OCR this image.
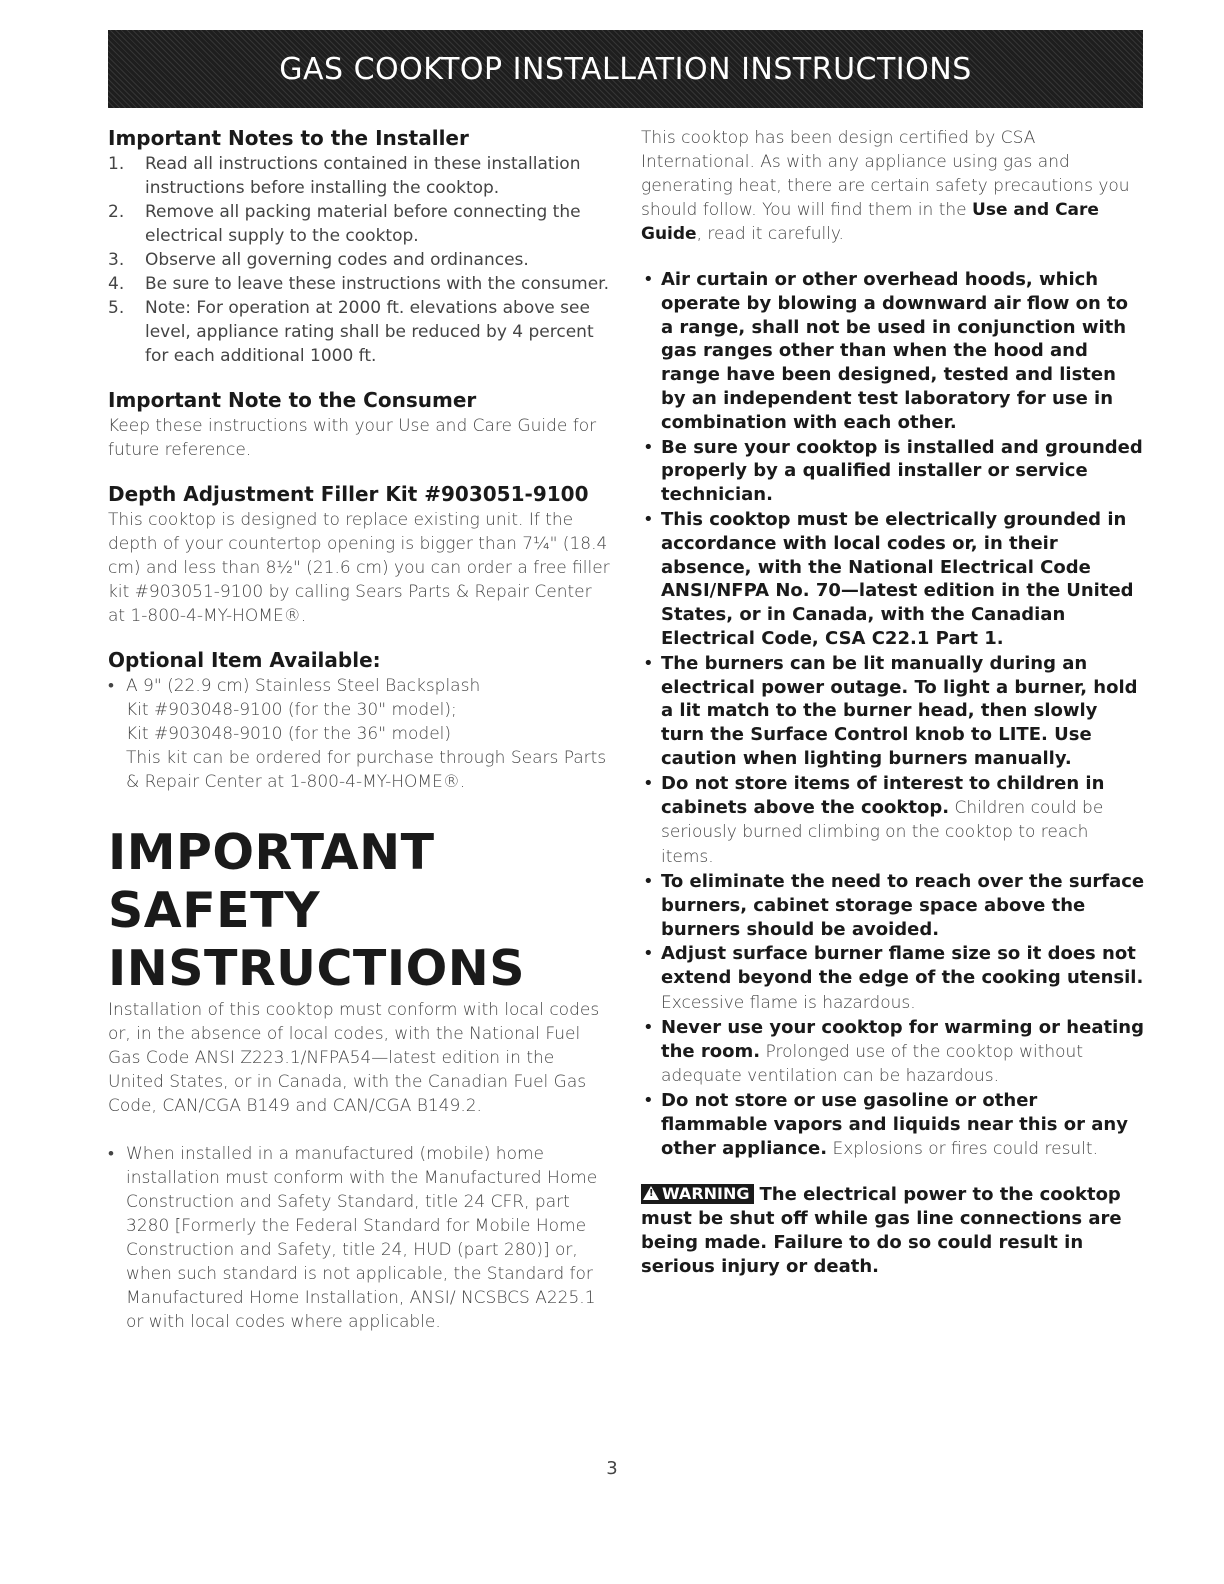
GAS COOKTOP INSTALLATION INSTRUCTIONS
Important Notes to the Installer
1. Read all instructions contained in these installation instructions before installing the cooktop.
2. Remove all packing material before connecting the electrical supply to the cooktop.
3. Observe all governing codes and ordinances.
4. Be sure to leave these instructions with the consumer.
5. Note: For operation at 2000 ft. elevations above see level, appliance rating shall be reduced by 4 percent for each additional 1000 ft.
Important Note to the Consumer
Keep these instructions with your Use and Care Guide for future reference.
Depth Adjustment Filler Kit #903051-9100
This cooktop is designed to replace existing unit. If the depth of your countertop opening is bigger than 7¼" (18.4 cm) and less than 8½" (21.6 cm) you can order a free filler kit #903051-9100 by calling Sears Parts & Repair Center at 1-800-4-MY-HOME®.
Optional Item Available:
• A 9" (22.9 cm) Stainless Steel Backsplash
Kit #903048-9100 (for the 30" model);
Kit #903048-9010 (for the 36" model)
This kit can be ordered for purchase through Sears Parts & Repair Center at 1-800-4-MY-HOME®.
IMPORTANT SAFETY
INSTRUCTIONS
Installation of this cooktop must conform with local codes or, in the absence of local codes, with the National Fuel Gas Code ANSI Z223.1/NFPA54—latest edition in the United States, or in Canada, with the Canadian Fuel Gas Code, CAN/CGA B149 and CAN/CGA B149.2.
• When installed in a manufactured (mobile) home installation must conform with the Manufactured Home Construction and Safety Standard, title 24 CFR, part 3280 [Formerly the Federal Standard for Mobile Home Construction and Safety, title 24, HUD (part 280)] or, when such standard is not applicable, the Standard for Manufactured Home Installation, ANSI/ NCSBCS A225.1 or with local codes where applicable.
This cooktop has been design certified by CSA International. As with any appliance using gas and generating heat, there are certain safety precautions you should follow. You will find them in the Use and Care Guide, read it carefully.
• Air curtain or other overhead hoods, which operate by blowing a downward air flow on to a range, shall not be used in conjunction with gas ranges other than when the hood and range have been designed, tested and listen by an independent test laboratory for use in combination with each other.
• Be sure your cooktop is installed and grounded properly by a qualified installer or service technician.
• This cooktop must be electrically grounded in accordance with local codes or, in their absence, with the National Electrical Code ANSI/NFPA No. 70—latest edition in the United States, or in Canada, with the Canadian Electrical Code, CSA C22.1 Part 1.
• The burners can be lit manually during an electrical power outage. To light a burner, hold a lit match to the burner head, then slowly turn the Surface Control knob to LITE. Use caution when lighting burners manually.
• Do not store items of interest to children in cabinets above the cooktop. Children could be seriously burned climbing on the cooktop to reach items.
• To eliminate the need to reach over the surface burners, cabinet storage space above the burners should be avoided.
• Adjust surface burner flame size so it does not extend beyond the edge of the cooking utensil. Excessive flame is hazardous.
• Never use your cooktop for warming or heating the room. Prolonged use of the cooktop without adequate ventilation can be hazardous.
• Do not store or use gasoline or other flammable vapors and liquids near this or any other appliance. Explosions or fires could result.
! WARNING The electrical power to the cooktop must be shut off while gas line connections are being made. Failure to do so could result in serious injury or death.
3
